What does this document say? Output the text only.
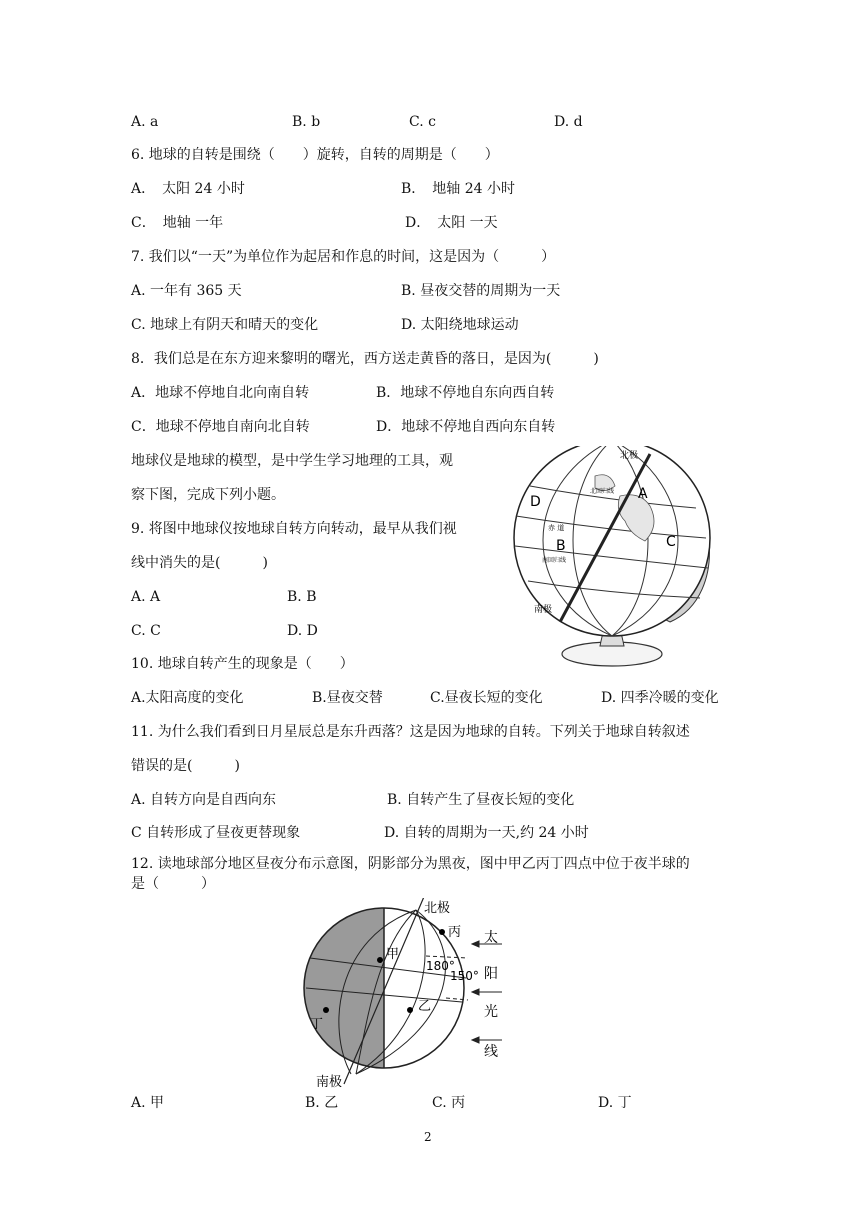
A. a	B. b	C. c	D. d
6. 地球的自转是围绕（　　）旋转，自转的周期是（　　）
A．　太阳 24 小时	B．　地轴 24 小时
C．　地轴 一年	D．　太阳 一天
7. 我们以“一天”为单位作为起居和作息的时间，这是因为（　　　）
A. 一年有 365 天	B. 昼夜交替的周期为一天
C. 地球上有阴天和晴天的变化	D. 太阳绕地球运动
8．我们总是在东方迎来黎明的曙光，西方送走黄昏的落日，是因为(　　　)
A．地球不停地自北向南自转	B．地球不停地自东向西自转
C．地球不停地自南向北自转	D．地球不停地自西向东自转
地球仪是地球的模型，是中学生学习地理的工具，观
察下图，完成下列小题。
9. 将图中地球仪按地球自转方向转动，最早从我们视
线中消失的是(　　　)
A. A	B. B
C. C	D. D
北极
南极
北回归线
赤 道
南回归线
A
B	C
D
10. 地球自转产生的现象是（　　）
A.太阳高度的变化	B.昼夜交替	C.昼夜长短的变化	D. 四季冷暖的变化
11. 为什么我们看到日月星辰总是东升西落？这是因为地球的自转。下列关于地球自转叙述
错误的是(　　　)
A. 自转方向是自西向东	B. 自转产生了昼夜长短的变化
C 自转形成了昼夜更替现象	D. 自转的周期为一天,约 24 小时
12. 读地球部分地区昼夜分布示意图，阴影部分为黑夜，图中甲乙丙丁四点中位于夜半球的
是（　　　）
北极
南极
甲
乙
丙
丁
180°
150°
太
阳
光
线
A. 甲	B. 乙	C. 丙	D. 丁
2
